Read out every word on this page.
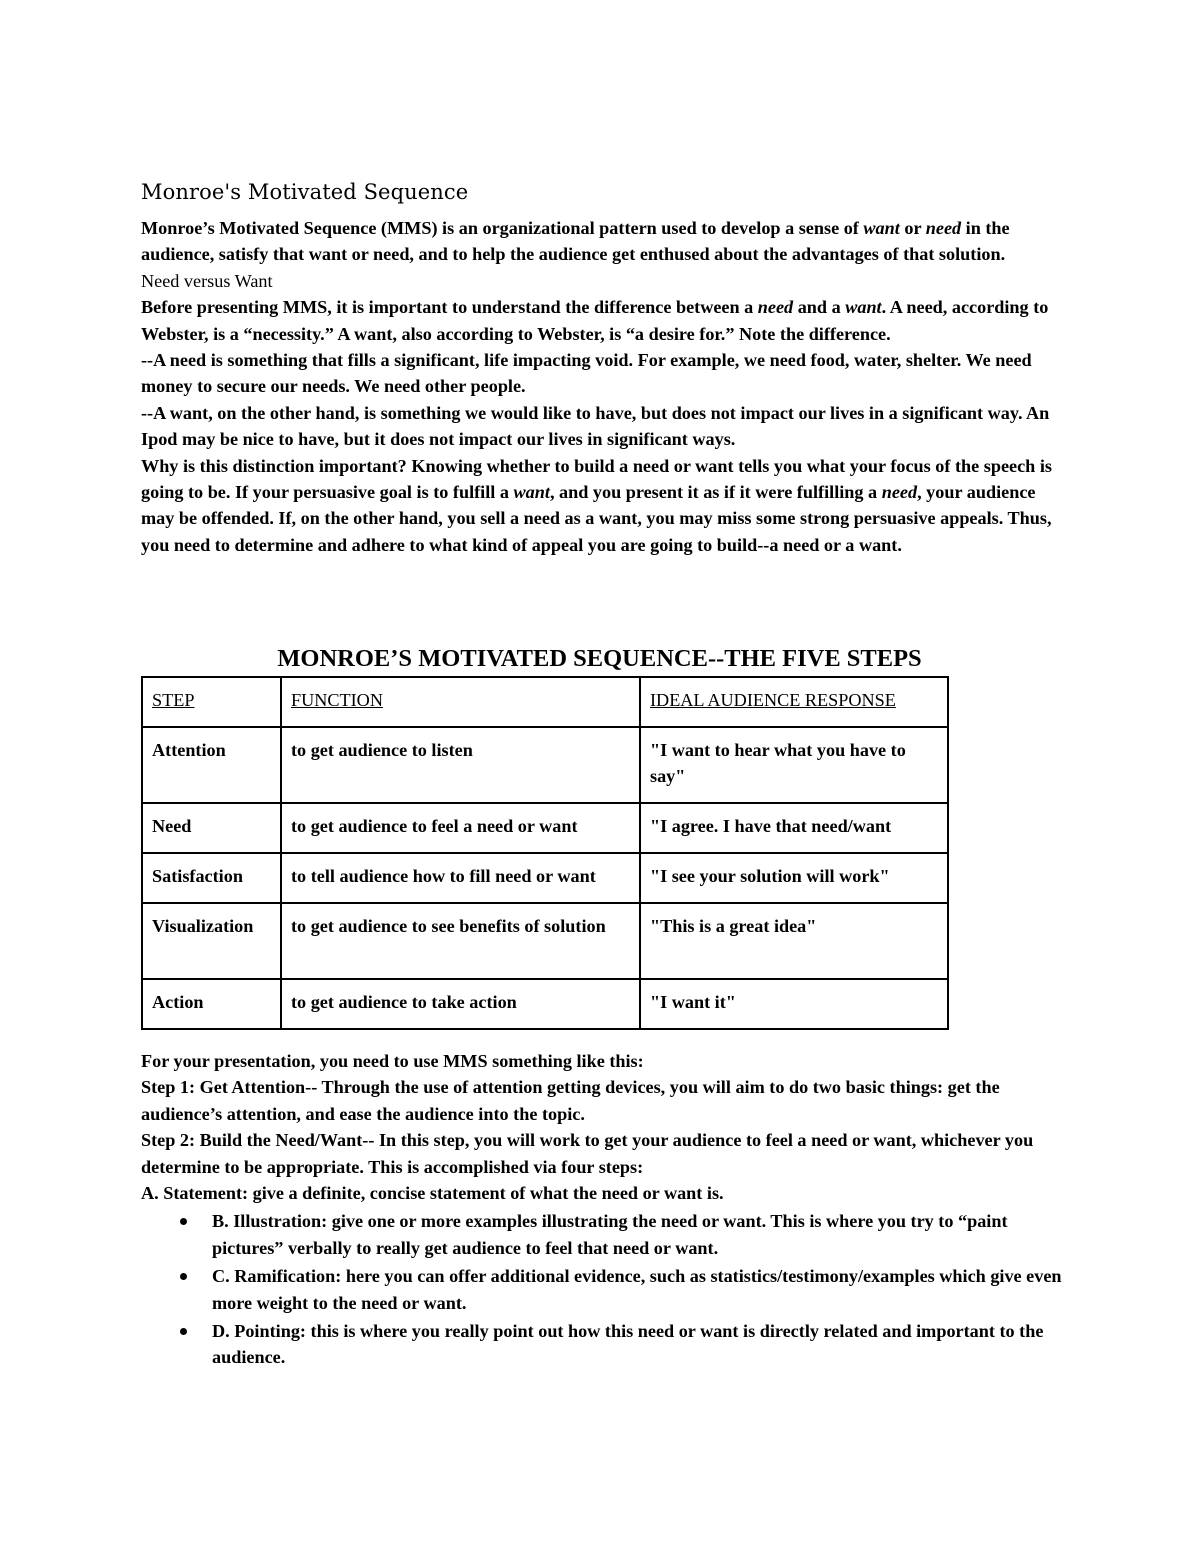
Monroe's Motivated Sequence

Monroe’s Motivated Sequence (MMS) is an organizational pattern used to develop a sense of want or need in the audience, satisfy that want or need, and to help the audience get enthused about the advantages of that solution.

Need versus Want

Before presenting MMS, it is important to understand the difference between a need and a want. A need, according to Webster, is a “necessity.” A want, also according to Webster, is “a desire for.” Note the difference.

--A need is something that fills a significant, life impacting void. For example, we need food, water, shelter. We need money to secure our needs. We need other people.

--A want, on the other hand, is something we would like to have, but does not impact our lives in a significant way. An Ipod may be nice to have, but it does not impact our lives in significant ways.

Why is this distinction important? Knowing whether to build a need or want tells you what your focus of the speech is going to be. If your persuasive goal is to fulfill a want, and you present it as if it were fulfilling a need, your audience may be offended. If, on the other hand, you sell a need as a want, you may miss some strong persuasive appeals. Thus, you need to determine and adhere to what kind of appeal you are going to build--a need or a want.

MONROE’S MOTIVATED SEQUENCE--THE FIVE STEPS
STEP	FUNCTION	IDEAL AUDIENCE RESPONSE
Attention	to get audience to listen	"I want to hear what you have to say"
Need	to get audience to feel a need or want	"I agree. I have that need/want
Satisfaction	to tell audience how to fill need or want	"I see your solution will work"
Visualization	to get audience to see benefits of solution	"This is a great idea"
Action	to get audience to take action	"I want it"

For your presentation, you need to use MMS something like this:

Step 1: Get Attention-- Through the use of attention getting devices, you will aim to do two basic things: get the audience’s attention, and ease the audience into the topic.

Step 2: Build the Need/Want-- In this step, you will work to get your audience to feel a need or want, whichever you determine to be appropriate. This is accomplished via four steps:

A. Statement: give a definite, concise statement of what the need or want is.

B. Illustration: give one or more examples illustrating the need or want. This is where you try to “paint pictures” verbally to really get audience to feel that need or want.
C. Ramification: here you can offer additional evidence, such as statistics/testimony/examples which give even more weight to the need or want.
D. Pointing: this is where you really point out how this need or want is directly related and important to the audience.
